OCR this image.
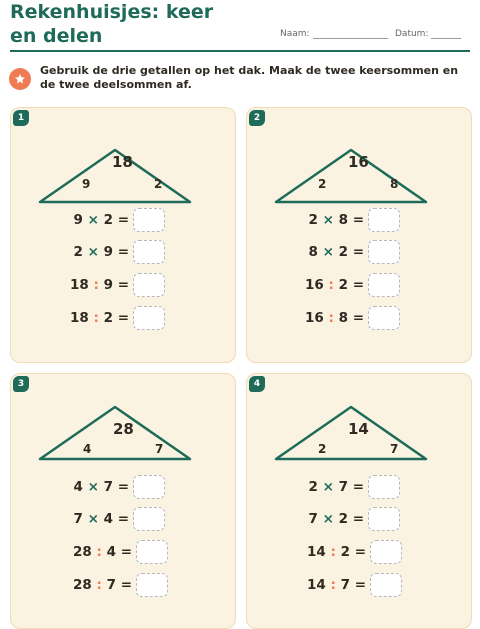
Rekenhuisjes: keer en delen	Naam:	Datum:
Gebruik de drie getallen op het dak. Maak de twee keersommen en de twee deelsommen af.
1
18
9	2
9 × 2 =
2 × 9 =
18 : 9 =
18 : 2 =
2
16
2	8
2 × 8 =
8 × 2 =
16 : 2 =
16 : 8 =
3
28
4	7
4 × 7 =
7 × 4 =
28 : 4 =
28 : 7 =
4
14
2	7
2 × 7 =
7 × 2 =
14 : 2 =
14 : 7 =
